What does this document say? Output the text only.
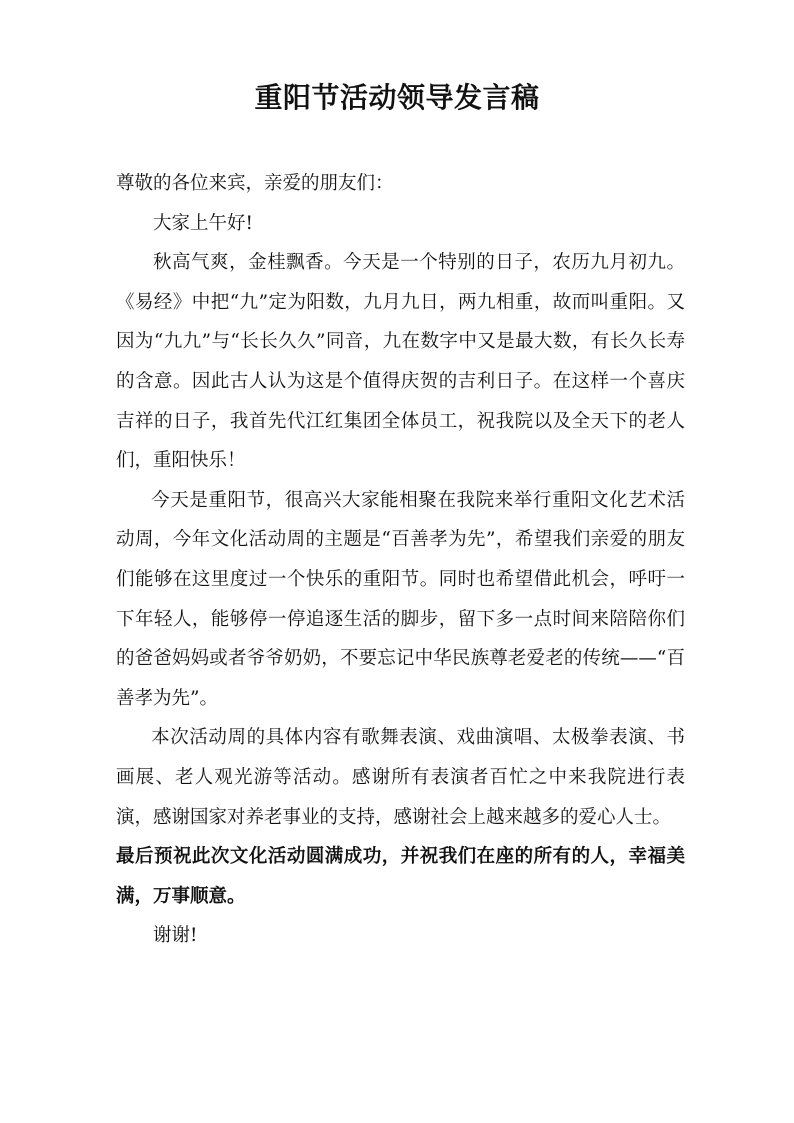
重阳节活动领导发言稿

尊敬的各位来宾，亲爱的朋友们：

大家上午好!

秋高气爽，金桂飘香。今天是一个特别的日子，农历九月初九。《易经》中把“九”定为阳数，九月九日，两九相重，故而叫重阳。又因为“九九”与“长长久久”同音，九在数字中又是最大数，有长久长寿的含意。因此古人认为这是个值得庆贺的吉利日子。在这样一个喜庆吉祥的日子，我首先代江红集团全体员工，祝我院以及全天下的老人们，重阳快乐！

今天是重阳节，很高兴大家能相聚在我院来举行重阳文化艺术活动周，今年文化活动周的主题是“百善孝为先”，希望我们亲爱的朋友们能够在这里度过一个快乐的重阳节。同时也希望借此机会，呼吁一下年轻人，能够停一停追逐生活的脚步，留下多一点时间来陪陪你们的爸爸妈妈或者爷爷奶奶，不要忘记中华民族尊老爱老的传统——“百善孝为先”。

本次活动周的具体内容有歌舞表演、戏曲演唱、太极拳表演、书画展、老人观光游等活动。感谢所有表演者百忙之中来我院进行表演，感谢国家对养老事业的支持，感谢社会上越来越多的爱心人士。

最后预祝此次文化活动圆满成功，并祝我们在座的所有的人，幸福美满，万事顺意。

谢谢!
